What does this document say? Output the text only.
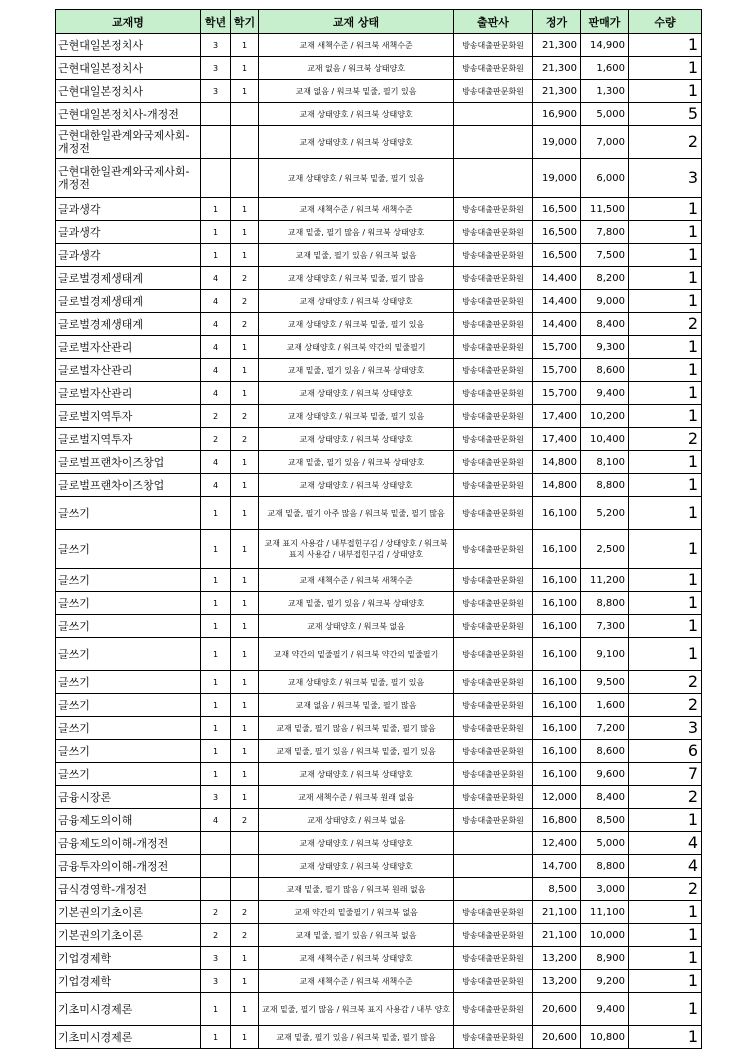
교재명	학년	학기	교재 상태	출판사	정가	판매가	수량
근현대일본정치사	3	1	교재 새책수준 / 워크북 새책수준	방송대출판문화원	21,300	14,900	1
근현대일본정치사	3	1	교재 없음 / 워크북 상태양호	방송대출판문화원	21,300	1,600	1
근현대일본정치사	3	1	교재 없음 / 워크북 밑줄, 필기 있음	방송대출판문화원	21,300	1,300	1
근현대일본정치사-개정전			교재 상태양호 / 워크북 상태양호		16,900	5,000	5
근현대한일관계와국제사회-개정전			교재 상태양호 / 워크북 상태양호		19,000	7,000	2
근현대한일관계와국제사회-개정전			교재 상태양호 / 워크북 밑줄, 필기 있음		19,000	6,000	3
글과생각	1	1	교재 새책수준 / 워크북 새책수준	방송대출판문화원	16,500	11,500	1
글과생각	1	1	교재 밑줄, 필기 많음 / 워크북 상태양호	방송대출판문화원	16,500	7,800	1
글과생각	1	1	교재 밑줄, 필기 있음 / 워크북 없음	방송대출판문화원	16,500	7,500	1
글로벌경제생태계	4	2	교재 상태양호 / 워크북 밑줄, 필기 많음	방송대출판문화원	14,400	8,200	1
글로벌경제생태계	4	2	교재 상태양호 / 워크북 상태양호	방송대출판문화원	14,400	9,000	1
글로벌경제생태계	4	2	교재 상태양호 / 워크북 밑줄, 필기 있음	방송대출판문화원	14,400	8,400	2
글로벌자산관리	4	1	교재 상태양호 / 워크북 약간의 밑줄필기	방송대출판문화원	15,700	9,300	1
글로벌자산관리	4	1	교재 밑줄, 필기 있음 / 워크북 상태양호	방송대출판문화원	15,700	8,600	1
글로벌자산관리	4	1	교재 상태양호 / 워크북 상태양호	방송대출판문화원	15,700	9,400	1
글로벌지역투자	2	2	교재 상태양호 / 워크북 밑줄, 필기 있음	방송대출판문화원	17,400	10,200	1
글로벌지역투자	2	2	교재 상태양호 / 워크북 상태양호	방송대출판문화원	17,400	10,400	2
글로벌프랜차이즈창업	4	1	교재 밑줄, 필기 있음 / 워크북 상태양호	방송대출판문화원	14,800	8,100	1
글로벌프랜차이즈창업	4	1	교재 상태양호 / 워크북 상태양호	방송대출판문화원	14,800	8,800	1
글쓰기	1	1	교재 밑줄, 필기 아주 많음 / 워크북 밑줄, 필기 많음	방송대출판문화원	16,100	5,200	1
글쓰기	1	1	교재 표지 사용감 / 내부접힌구김 / 상태양호 / 워크북 표지 사용감 / 내부접힌구김 / 상태양호	방송대출판문화원	16,100	2,500	1
글쓰기	1	1	교재 새책수준 / 워크북 새책수준	방송대출판문화원	16,100	11,200	1
글쓰기	1	1	교재 밑줄, 필기 있음 / 워크북 상태양호	방송대출판문화원	16,100	8,800	1
글쓰기	1	1	교재 상태양호 / 워크북 없음	방송대출판문화원	16,100	7,300	1
글쓰기	1	1	교재 약간의 밑줄필기 / 워크북 약간의 밑줄필기	방송대출판문화원	16,100	9,100	1
글쓰기	1	1	교재 상태양호 / 워크북 밑줄, 필기 있음	방송대출판문화원	16,100	9,500	2
글쓰기	1	1	교재 없음 / 워크북 밑줄, 필기 많음	방송대출판문화원	16,100	1,600	2
글쓰기	1	1	교재 밑줄, 필기 많음 / 워크북 밑줄, 필기 많음	방송대출판문화원	16,100	7,200	3
글쓰기	1	1	교재 밑줄, 필기 있음 / 워크북 밑줄, 필기 있음	방송대출판문화원	16,100	8,600	6
글쓰기	1	1	교재 상태양호 / 워크북 상태양호	방송대출판문화원	16,100	9,600	7
금융시장론	3	1	교재 새책수준 / 워크북 원래 없음	방송대출판문화원	12,000	8,400	2
금융제도의이해	4	2	교재 상태양호 / 워크북 없음	방송대출판문화원	16,800	8,500	1
금융제도의이해-개정전			교재 상태양호 / 워크북 상태양호		12,400	5,000	4
금융투자의이해-개정전			교재 상태양호 / 워크북 상태양호		14,700	8,800	4
급식경영학-개정전			교재 밑줄, 필기 많음 / 워크북 원래 없음		8,500	3,000	2
기본권의기초이론	2	2	교재 약간의 밑줄필기 / 워크북 없음	방송대출판문화원	21,100	11,100	1
기본권의기초이론	2	2	교재 밑줄, 필기 있음 / 워크북 없음	방송대출판문화원	21,100	10,000	1
기업경제학	3	1	교재 새책수준 / 워크북 상태양호	방송대출판문화원	13,200	8,900	1
기업경제학	3	1	교재 새책수준 / 워크북 새책수준	방송대출판문화원	13,200	9,200	1
기초미시경제론	1	1	교재 밑줄, 필기 많음 / 워크북 표지 사용감 / 내부 양호	방송대출판문화원	20,600	9,400	1
기초미시경제론	1	1	교재 밑줄, 필기 있음 / 워크북 밑줄, 필기 많음	방송대출판문화원	20,600	10,800	1
